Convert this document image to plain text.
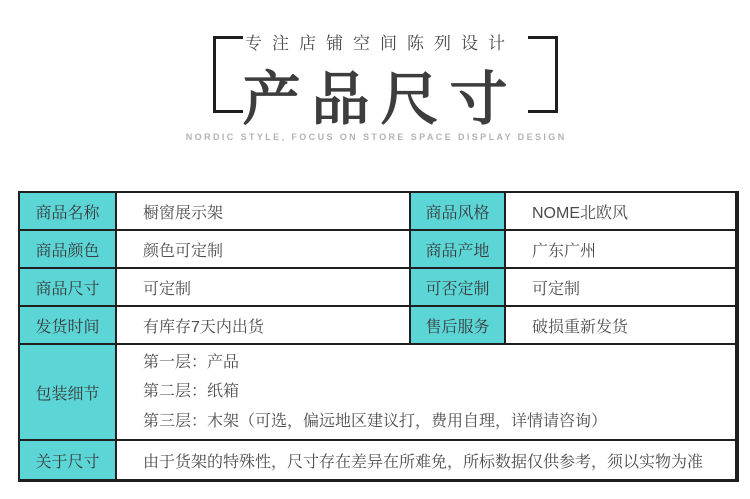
专注店铺空间陈列设计
产品尺寸
NORDIC STYLE, FOCUS ON STORE SPACE DISPLAY DESIGN
商品名称	橱窗展示架	商品风格	NOME北欧风
商品颜色	颜色可定制	商品产地	广东广州
商品尺寸	可定制	可否定制	可定制
发货时间	有库存7天内出货	售后服务	破损重新发货
包装细节
第一层：产品
第二层：纸箱
第三层：木架（可选，偏远地区建议打，费用自理，详情请咨询）
关于尺寸	由于货架的特殊性，尺寸存在差异在所难免，所标数据仅供参考，须以实物为准
